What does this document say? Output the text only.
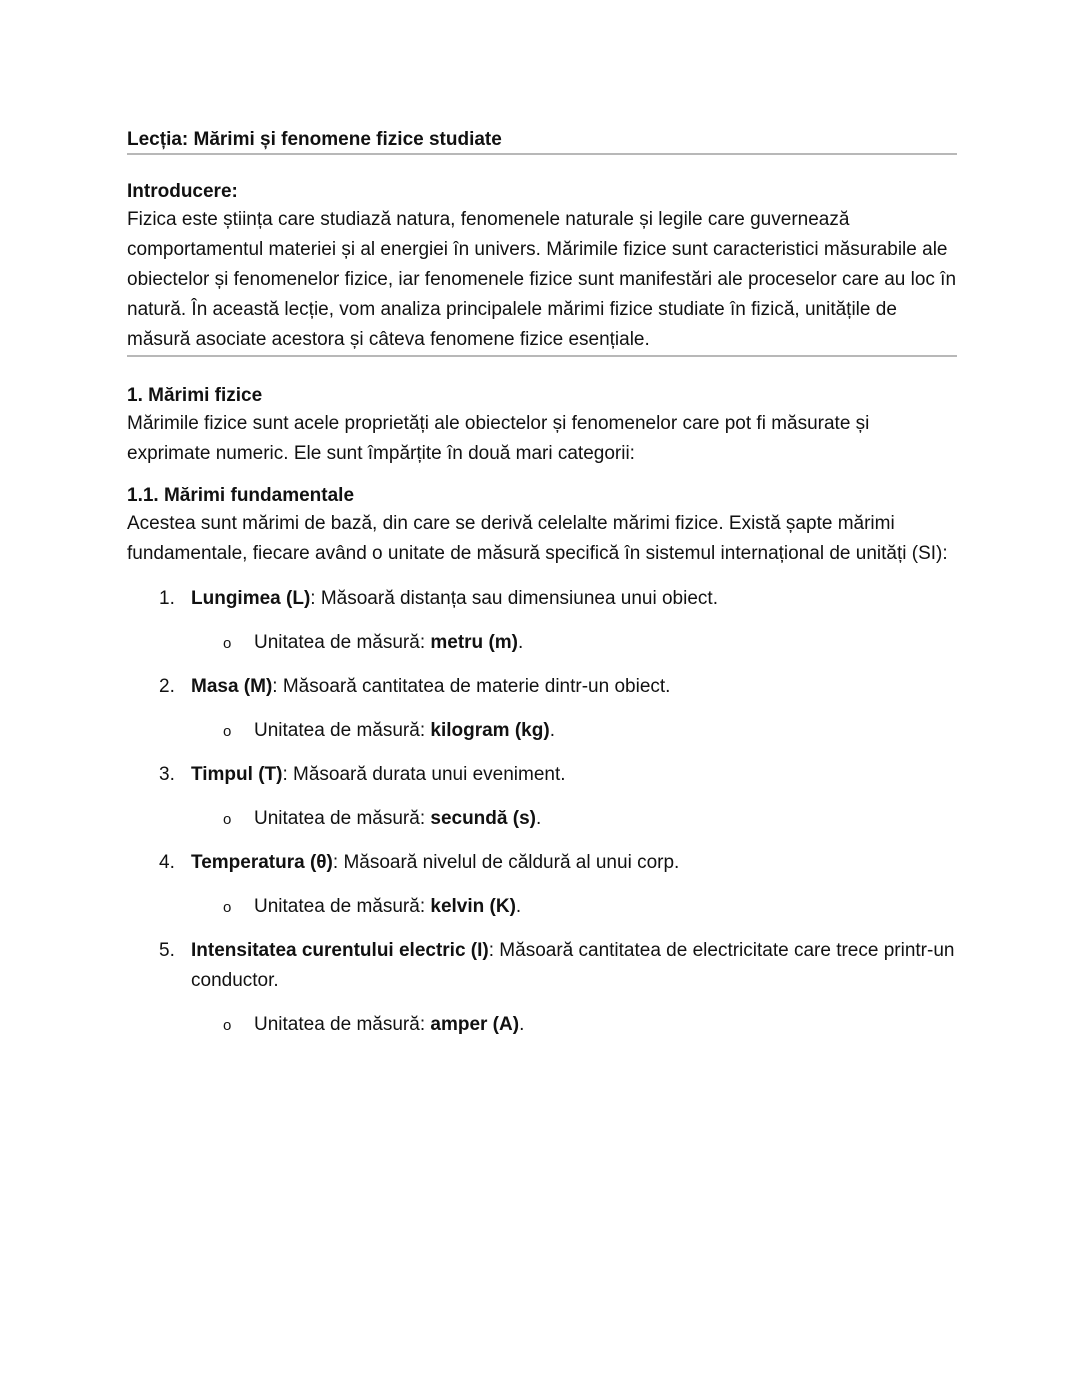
Lecția: Mărimi și fenomene fizice studiate
Introducere:

Fizica este știința care studiază natura, fenomenele naturale și legile care guvernează comportamentul materiei și al energiei în univers. Mărimile fizice sunt caracteristici măsurabile ale obiectelor și fenomenelor fizice, iar fenomenele fizice sunt manifestări ale proceselor care au loc în natură. În această lecție, vom analiza principalele mărimi fizice studiate în fizică, unitățile de măsură asociate acestora și câteva fenomene fizice esențiale.

1. Mărimi fizice

Mărimile fizice sunt acele proprietăți ale obiectelor și fenomenelor care pot fi măsurate și exprimate numeric. Ele sunt împărțite în două mari categorii:

1.1. Mărimi fundamentale

Acestea sunt mărimi de bază, din care se derivă celelalte mărimi fizice. Există șapte mărimi fundamentale, fiecare având o unitate de măsură specifică în sistemul internațional de unități (SI):

1. Lungimea (L): Măsoară distanța sau dimensiunea unui obiect.
o Unitatea de măsură: metru (m).
2. Masa (M): Măsoară cantitatea de materie dintr-un obiect.
o Unitatea de măsură: kilogram (kg).
3. Timpul (T): Măsoară durata unui eveniment.
o Unitatea de măsură: secundă (s).
4. Temperatura (θ): Măsoară nivelul de căldură al unui corp.
o Unitatea de măsură: kelvin (K).
5. Intensitatea curentului electric (I): Măsoară cantitatea de electricitate care trece printr-un conductor.
o Unitatea de măsură: amper (A).
